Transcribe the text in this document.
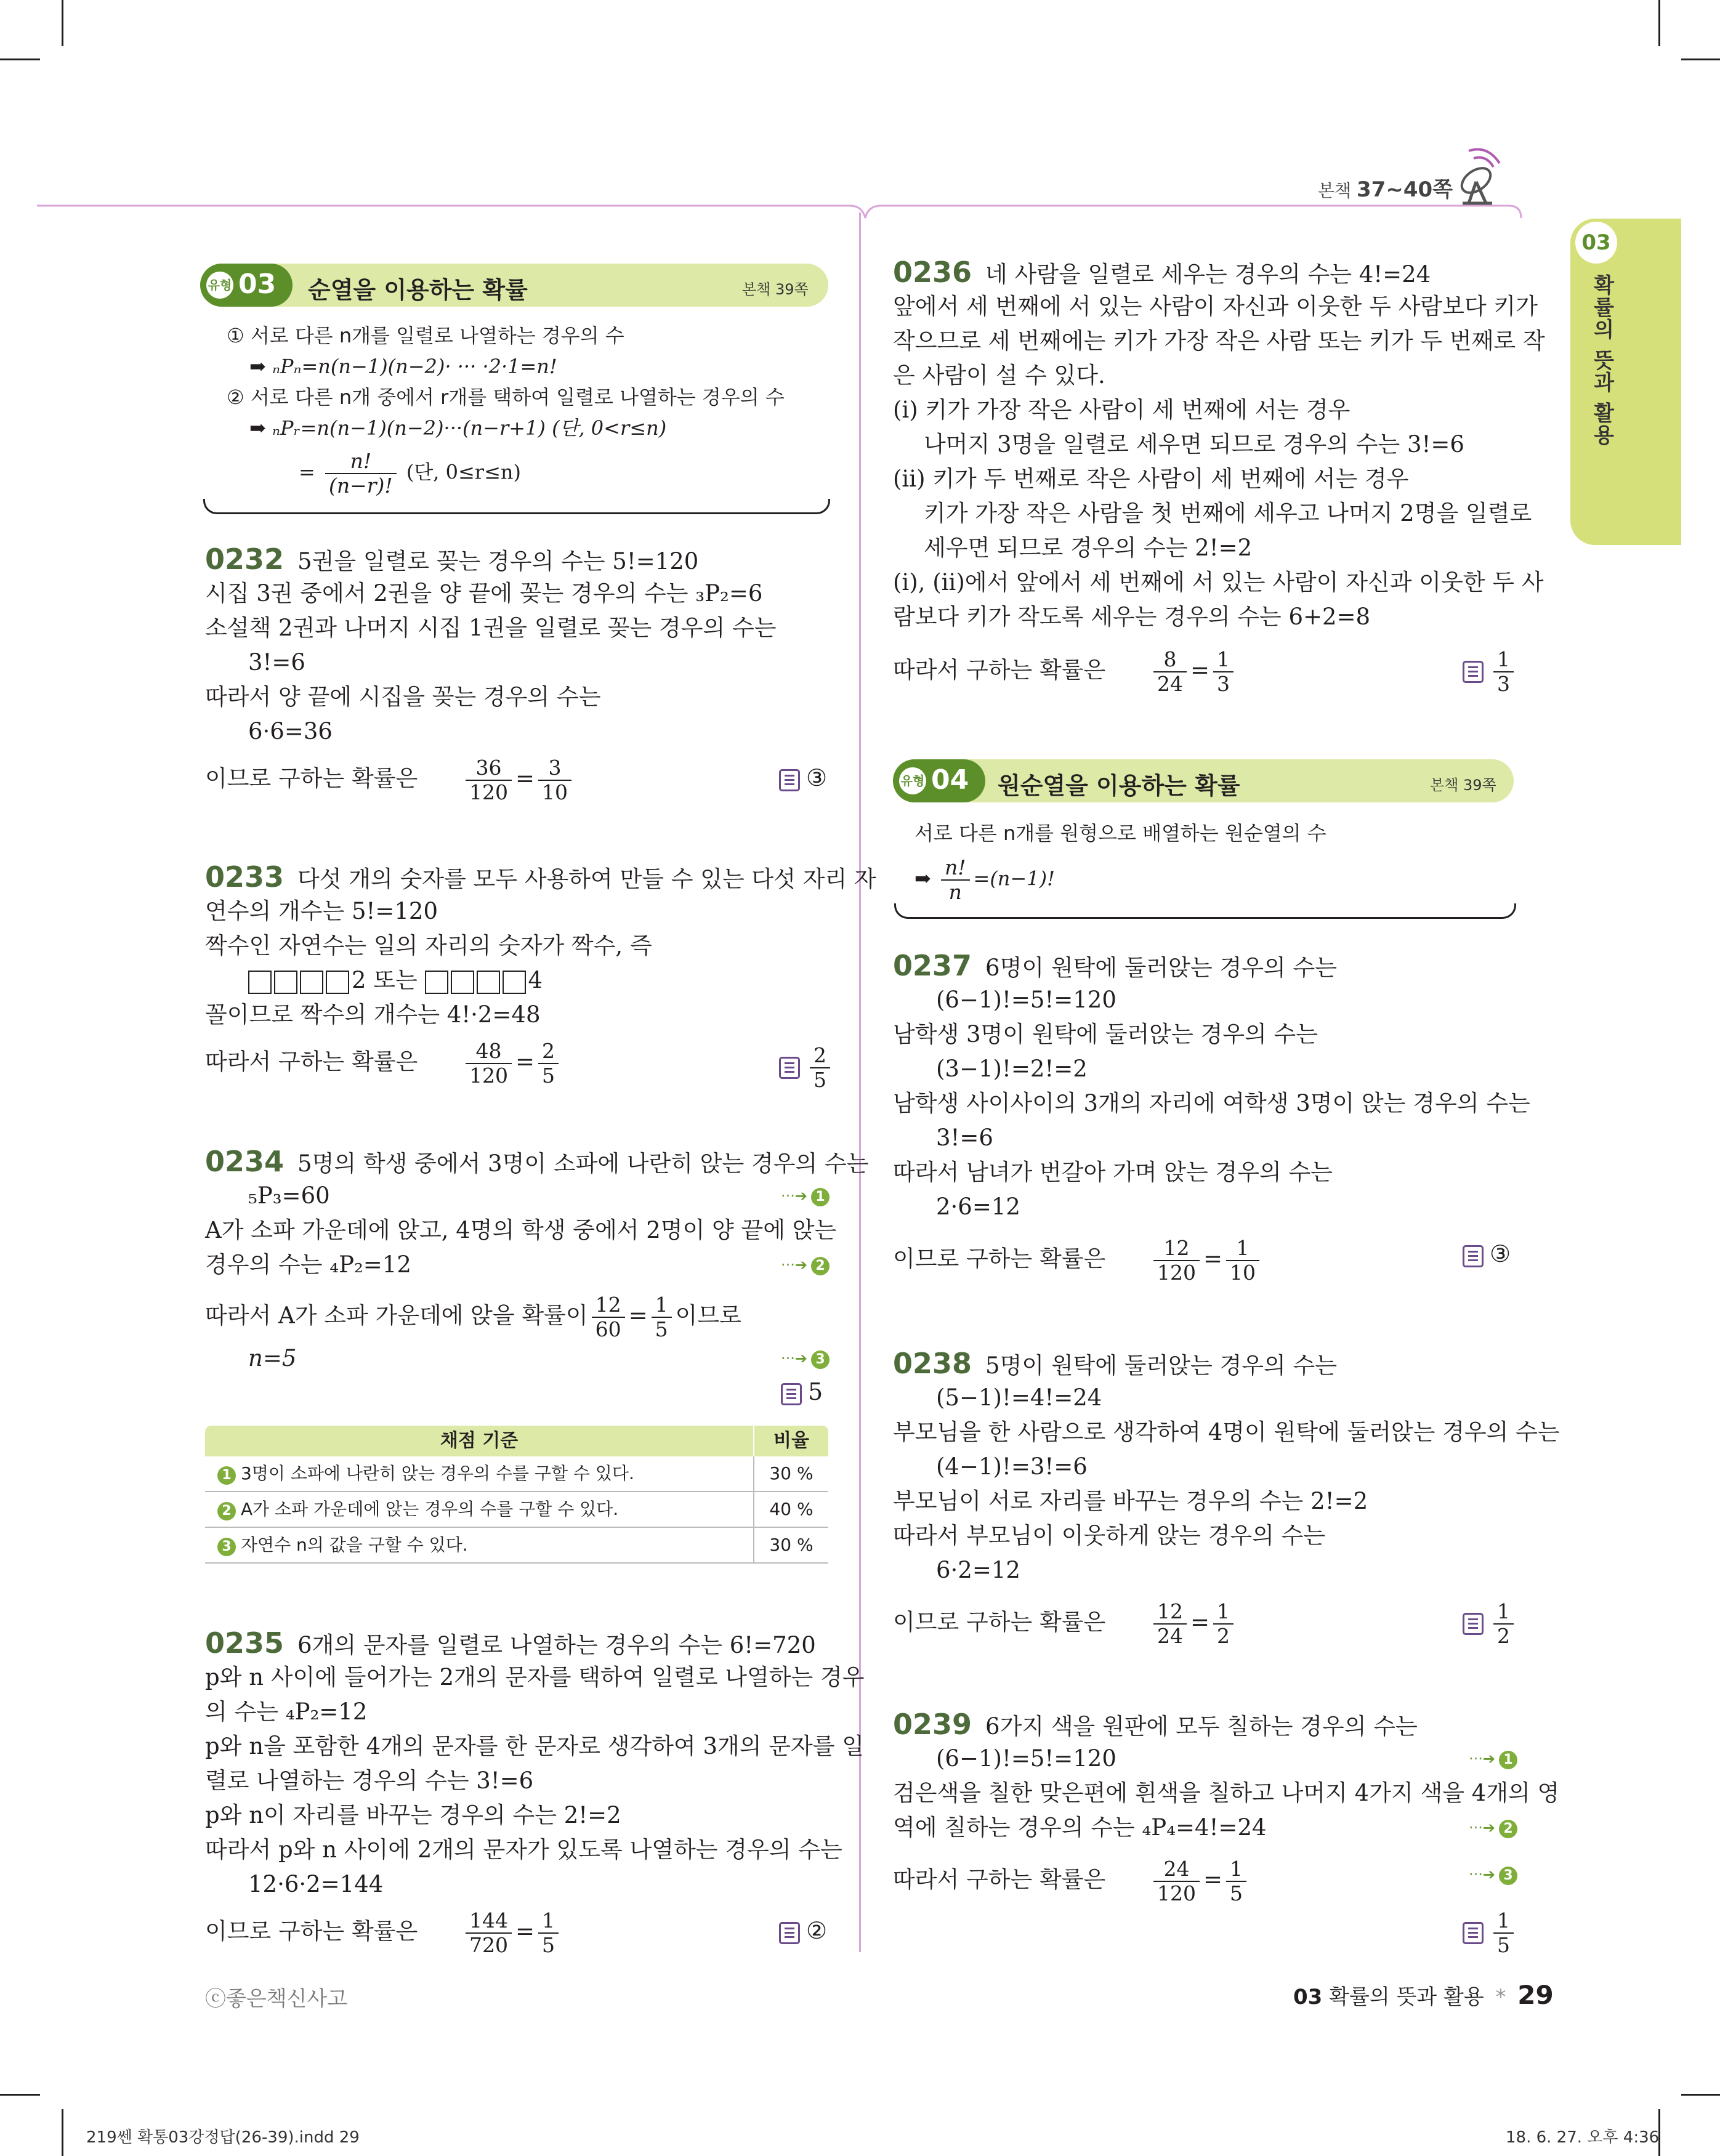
본책 37~40쪽
03
확률의 뜻과 활용
유형 03 순열을 이용하는 확률	본책 39쪽
① 서로 다른 n개를 일렬로 나열하는 경우의 수
➡ ₙPₙ=n(n−1)(n−2)· ··· ·2·1=n!
② 서로 다른 n개 중에서 r개를 택하여 일렬로 나열하는 경우의 수
➡ ₙPᵣ=n(n−1)(n−2)···(n−r+1) (단, 0<r≤n)
= $\frac{n!}{(n-r)!}$ (단, 0≤r≤n)
0232 5권을 일렬로 꽂는 경우의 수는 5!=120
시집 3권 중에서 2권을 양 끝에 꽂는 경우의 수는 ₃P₂=6
소설책 2권과 나머지 시집 1권을 일렬로 꽂는 경우의 수는
3!=6
따라서 양 끝에 시집을 꽂는 경우의 수는
6·6=36
이므로 구하는 확률은 $\frac{36}{120} = \frac{3}{10}$	③
0233 다섯 개의 숫자를 모두 사용하여 만들 수 있는 다섯 자리 자
연수의 개수는 5!=120
짝수인 자연수는 일의 자리의 숫자가 짝수, 즉
2 또는	4
꼴이므로 짝수의 개수는 4!·2=48
따라서 구하는 확률은 $\frac{48}{120} = \frac{2}{5}$	$\frac{2}{5}$
0234 5명의 학생 중에서 3명이 소파에 나란히 앉는 경우의 수는
₅P₃=60	···➔ 1
A가 소파 가운데에 앉고, 4명의 학생 중에서 2명이 양 끝에 앉는
경우의 수는 ₄P₂=12	···➔ 2
따라서 A가 소파 가운데에 앉을 확률이 $\frac{12}{60} = \frac{1}{5}$ 이므로
n=5	···➔ 3
5
채점 기준	비율
1 3명이 소파에 나란히 앉는 경우의 수를 구할 수 있다.	30 %
2 A가 소파 가운데에 앉는 경우의 수를 구할 수 있다.	40 %
3 자연수 n의 값을 구할 수 있다.	30 %
0235 6개의 문자를 일렬로 나열하는 경우의 수는 6!=720
p와 n 사이에 들어가는 2개의 문자를 택하여 일렬로 나열하는 경우
의 수는 ₄P₂=12
p와 n을 포함한 4개의 문자를 한 문자로 생각하여 3개의 문자를 일
렬로 나열하는 경우의 수는 3!=6
p와 n이 자리를 바꾸는 경우의 수는 2!=2
따라서 p와 n 사이에 2개의 문자가 있도록 나열하는 경우의 수는
12·6·2=144
이므로 구하는 확률은 $\frac{144}{720} = \frac{1}{5}$	②
0236 네 사람을 일렬로 세우는 경우의 수는 4!=24
앞에서 세 번째에 서 있는 사람이 자신과 이웃한 두 사람보다 키가
작으므로 세 번째에는 키가 가장 작은 사람 또는 키가 두 번째로 작
은 사람이 설 수 있다.
(ⅰ) 키가 가장 작은 사람이 세 번째에 서는 경우
나머지 3명을 일렬로 세우면 되므로 경우의 수는 3!=6
(ⅱ) 키가 두 번째로 작은 사람이 세 번째에 서는 경우
키가 가장 작은 사람을 첫 번째에 세우고 나머지 2명을 일렬로
세우면 되므로 경우의 수는 2!=2
(ⅰ), (ⅱ)에서 앞에서 세 번째에 서 있는 사람이 자신과 이웃한 두 사
람보다 키가 작도록 세우는 경우의 수는 6+2=8
따라서 구하는 확률은 $\frac{8}{24} = \frac{1}{3}$	$\frac{1}{3}$
유형 04 원순열을 이용하는 확률	본책 39쪽
서로 다른 n개를 원형으로 배열하는 원순열의 수
➡ $\frac{n!}{n} =(n-1)$!
0237 6명이 원탁에 둘러앉는 경우의 수는
(6−1)!=5!=120
남학생 3명이 원탁에 둘러앉는 경우의 수는
(3−1)!=2!=2
남학생 사이사이의 3개의 자리에 여학생 3명이 앉는 경우의 수는
3!=6
따라서 남녀가 번갈아 가며 앉는 경우의 수는
2·6=12
이므로 구하는 확률은 $\frac{12}{120} = \frac{1}{10}$	③
0238 5명이 원탁에 둘러앉는 경우의 수는
(5−1)!=4!=24
부모님을 한 사람으로 생각하여 4명이 원탁에 둘러앉는 경우의 수는
(4−1)!=3!=6
부모님이 서로 자리를 바꾸는 경우의 수는 2!=2
따라서 부모님이 이웃하게 앉는 경우의 수는
6·2=12
이므로 구하는 확률은 $\frac{12}{24} = \frac{1}{2}$	$\frac{1}{2}$
0239 6가지 색을 원판에 모두 칠하는 경우의 수는
(6−1)!=5!=120	···➔ 1
검은색을 칠한 맞은편에 흰색을 칠하고 나머지 4가지 색을 4개의 영
역에 칠하는 경우의 수는 ₄P₄=4!=24	···➔ 2
따라서 구하는 확률은 $\frac{24}{120} = \frac{1}{5}$	···➔ 3
$\frac{1}{5}$
ⓒ좋은책신사고	03 확률의 뜻과 활용 * 29
219쎈 확통03강정답(26-39).indd 29	18. 6. 27. 오후 4:36
